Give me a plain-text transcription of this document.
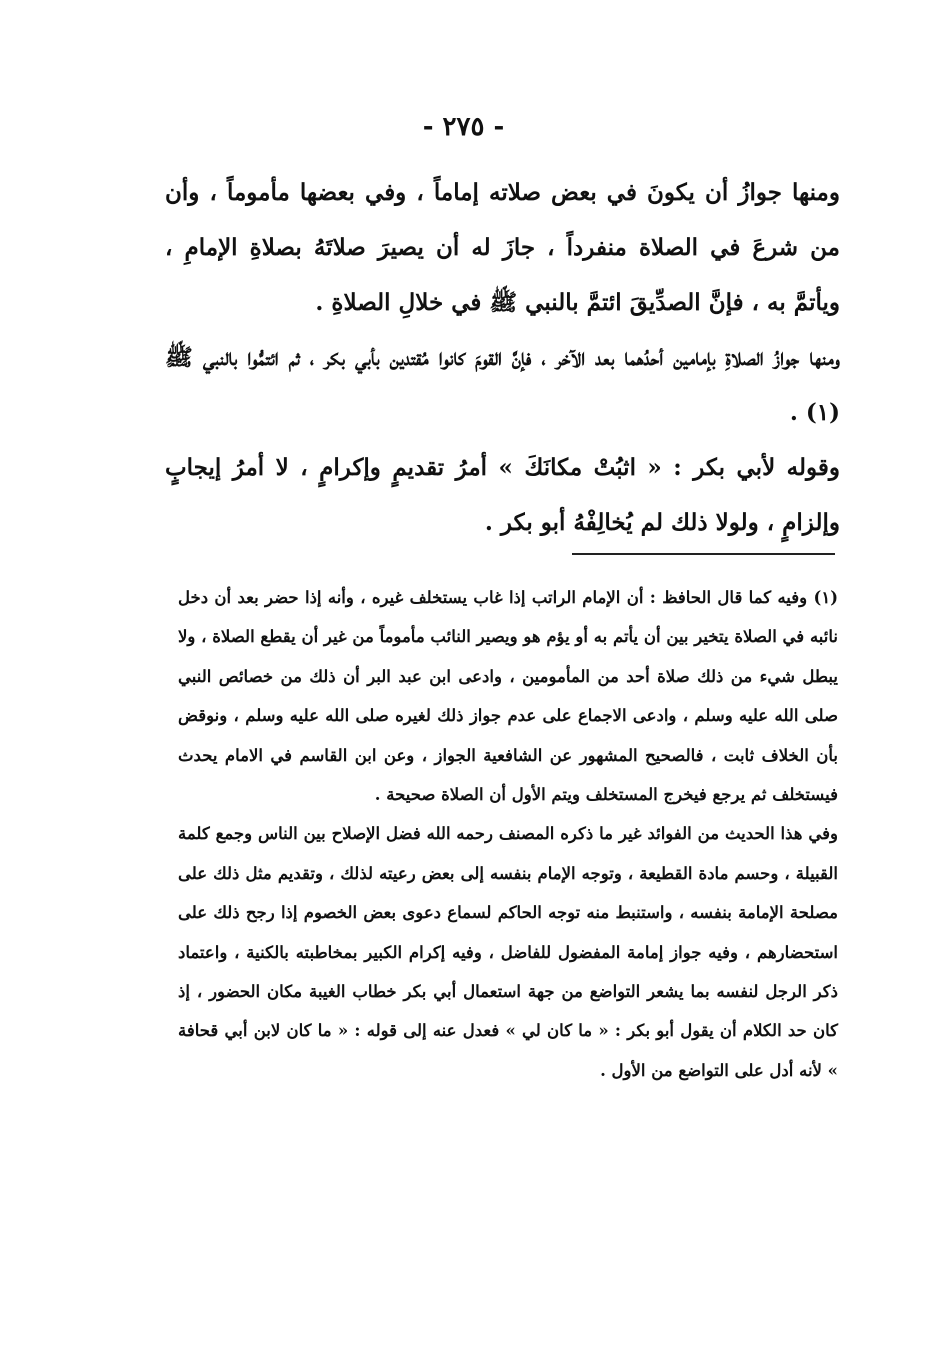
- ٢٧٥ -

ومنها جوازُ أن يكونَ في بعض صلاته إماماً ، وفي بعضها مأموماً ، وأن من شرعَ في الصلاة منفرداً ، جازَ له أن يصيرَ صلاتَهُ بصلاةِ الإمامِ ، ويأتمَّ به ، فإنَّ الصدِّيقَ ائتمَّ بالنبي ﷺ في خلالِ الصلاةِ .

ومنها جوازُ الصلاةِ بإمامين أحدُهما بعد الآخر ، فإنَّ القومَ كانوا مُقتدين بأبي بكر ، ثم ائتمُّوا بالنبي ﷺ (١) .

وقوله لأبي بكر : « اثبُتْ مكانَكَ » أمرُ تقديمٍ وإكرامٍ ، لا أمرُ إيجابٍ وإلزامٍ ، ولولا ذلك لم يُخالِفْهُ أبو بكر .

(١) وفيه كما قال الحافظ : أن الإمام الراتب إذا غاب يستخلف غيره ، وأنه إذا حضر بعد أن دخل نائبه في الصلاة يتخير بين أن يأتم به أو يؤم هو ويصير النائب مأموماً من غير أن يقطع الصلاة ، ولا يبطل شيء من ذلك صلاة أحد من المأمومين ، وادعى ابن عبد البر أن ذلك من خصائص النبي صلى الله عليه وسلم ، وادعى الاجماع على عدم جواز ذلك لغيره صلى الله عليه وسلم ، ونوقض بأن الخلاف ثابت ، فالصحيح المشهور عن الشافعية الجواز ، وعن ابن القاسم في الامام يحدث فيستخلف ثم يرجع فيخرج المستخلف ويتم الأول أن الصلاة صحيحة .

وفي هذا الحديث من الفوائد غير ما ذكره المصنف رحمه الله فضل الإصلاح بين الناس وجمع كلمة القبيلة ، وحسم مادة القطيعة ، وتوجه الإمام بنفسه إلى بعض رعيته لذلك ، وتقديم مثل ذلك على مصلحة الإمامة بنفسه ، واستنبط منه توجه الحاكم لسماع دعوى بعض الخصوم إذا رجح ذلك على استحضارهم ، وفيه جواز إمامة المفضول للفاضل ، وفيه إكرام الكبير بمخاطبته بالكنية ، واعتماد ذكر الرجل لنفسه بما يشعر التواضع من جهة استعمال أبي بكر خطاب الغيبة مكان الحضور ، إذ كان حد الكلام أن يقول أبو بكر : « ما كان لي » فعدل عنه إلى قوله : « ما كان لابن أبي قحافة » لأنه أدل على التواضع من الأول .
